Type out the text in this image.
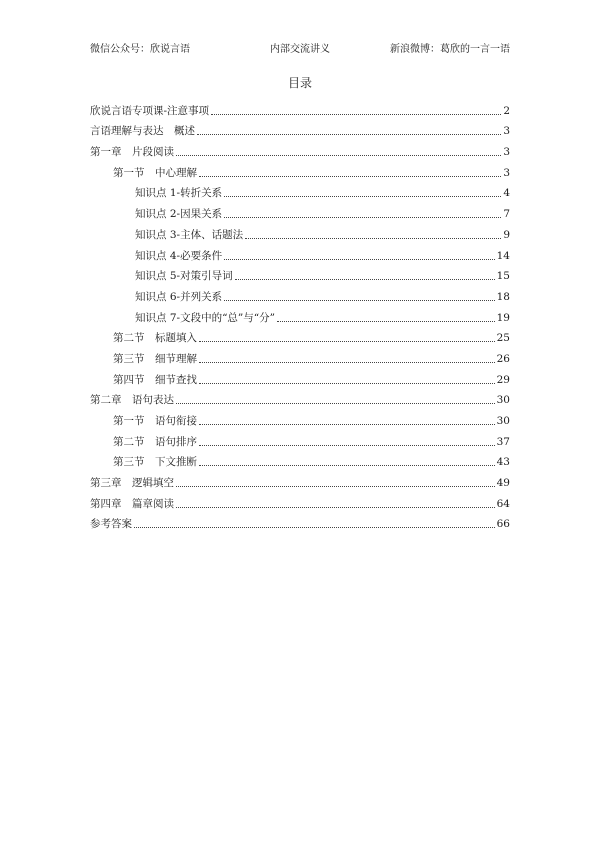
微信公众号：欣说言语	内部交流讲义	新浪微博：葛欣的一言一语
目录
欣说言语专项课-注意事项	2
言语理解与表达　概述	3
第一章　片段阅读	3
第一节　中心理解	3
知识点 1-转折关系	4
知识点 2-因果关系	7
知识点 3-主体、话题法	9
知识点 4-必要条件	14
知识点 5-对策引导词	15
知识点 6-并列关系	18
知识点 7-文段中的“总”与“分”	19
第二节　标题填入	25
第三节　细节理解	26
第四节　细节查找	29
第二章　语句表达	30
第一节　语句衔接	30
第二节　语句排序	37
第三节　下文推断	43
第三章　逻辑填空	49
第四章　篇章阅读	64
参考答案	66
